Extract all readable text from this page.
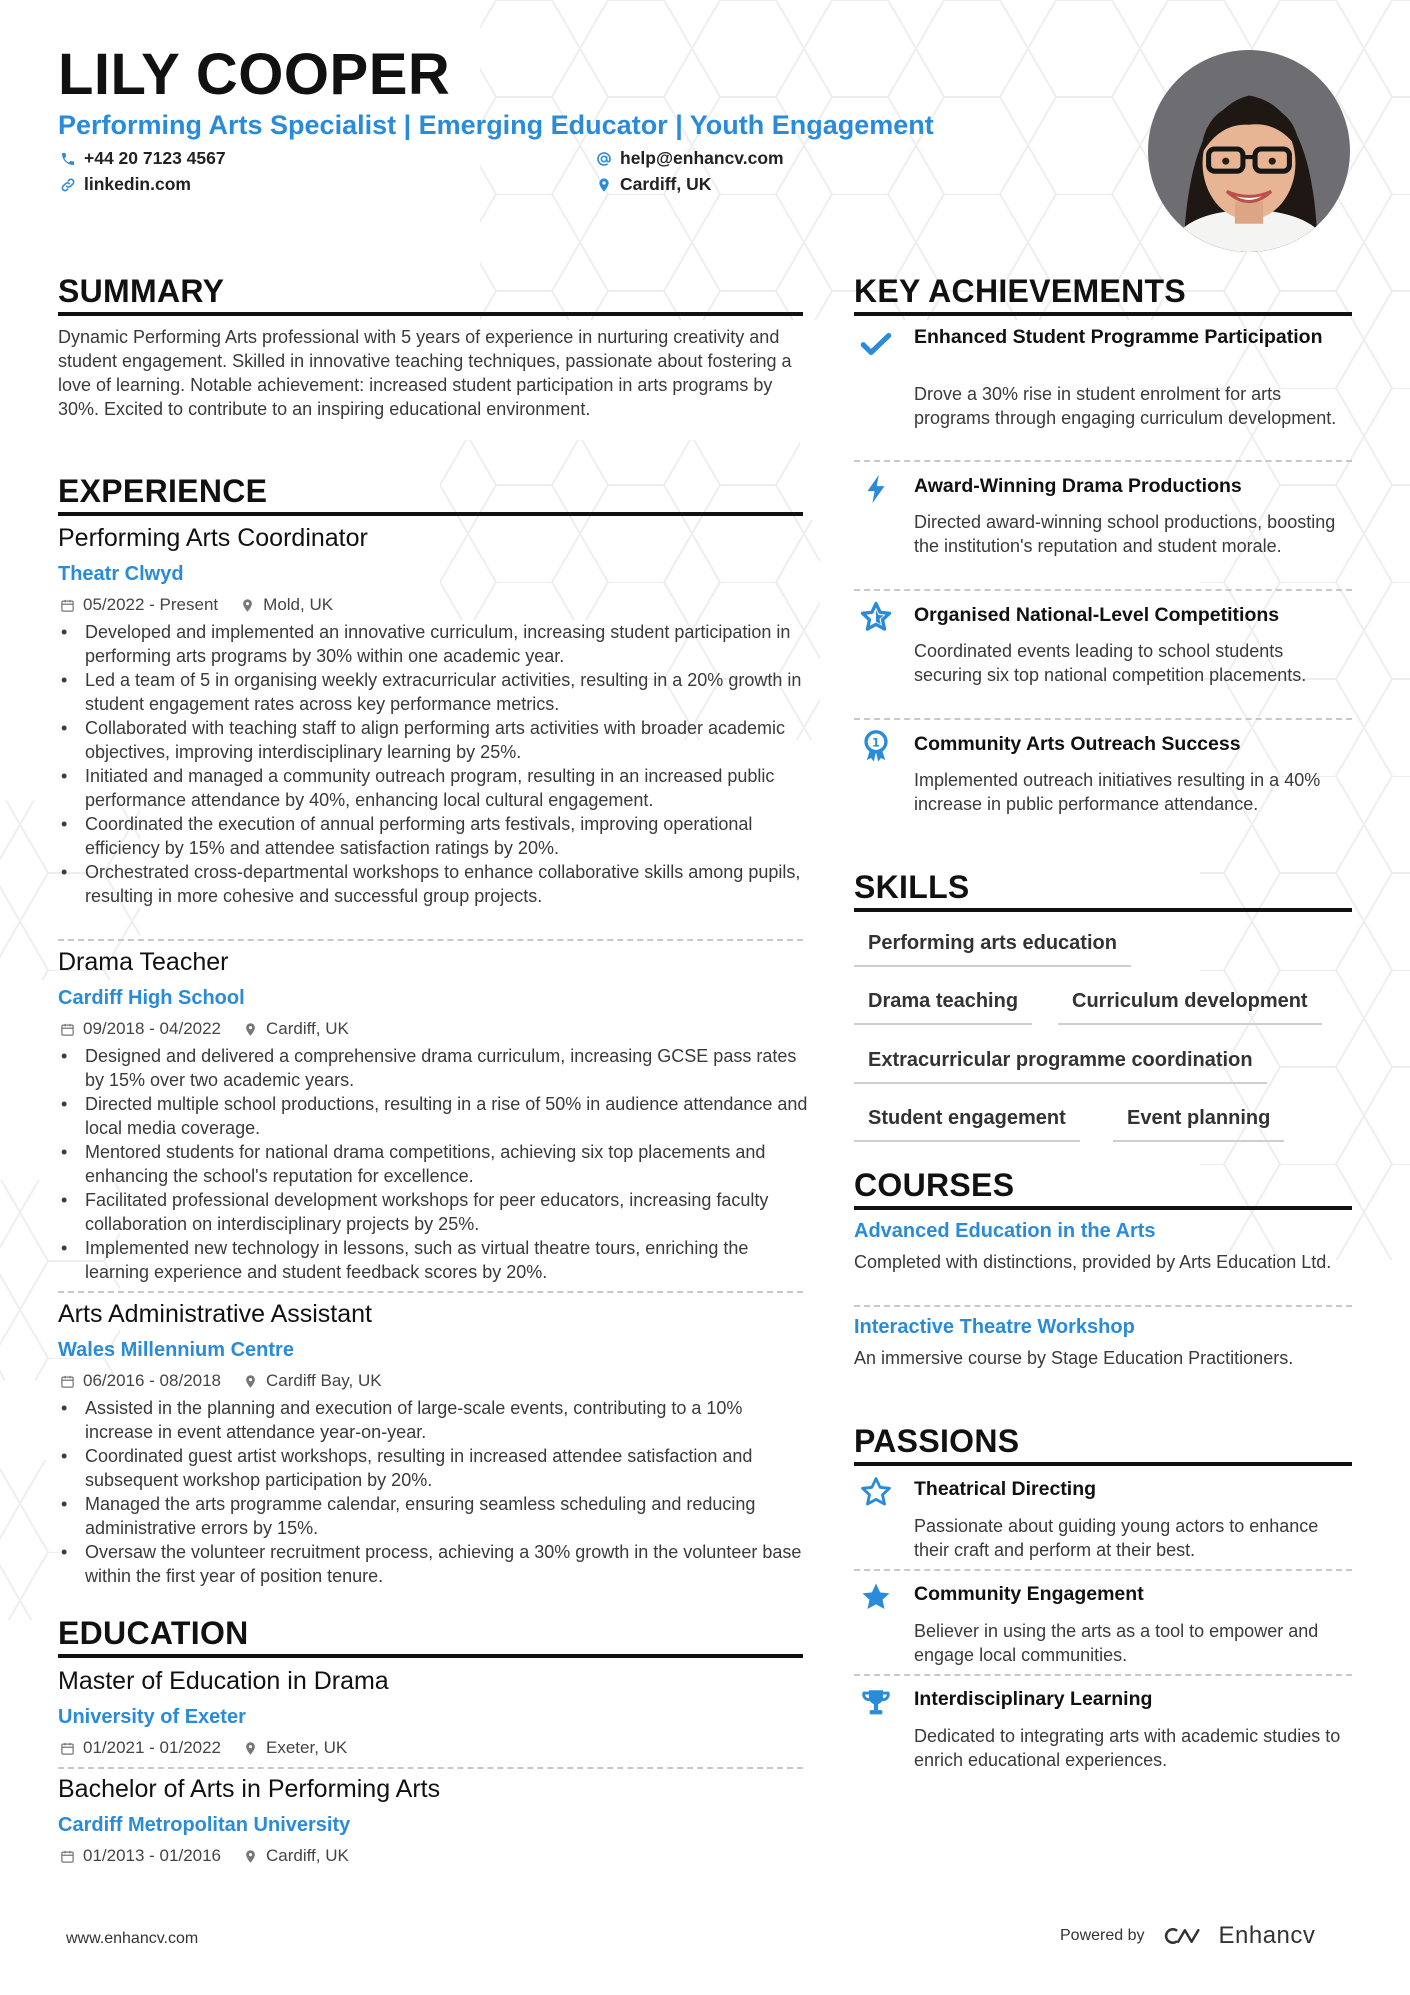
LILY COOPER
Performing Arts Specialist | Emerging Educator | Youth Engagement
+44 20 7123 4567	help@enhancv.com
linkedin.com	Cardiff, UK
SUMMARY
Dynamic Performing Arts professional with 5 years of experience in nurturing creativity and student engagement. Skilled in innovative teaching techniques, passionate about fostering a love of learning. Notable achievement: increased student participation in arts programs by 30%. Excited to contribute to an inspiring educational environment.
EXPERIENCE
Performing Arts Coordinator
Theatr Clwyd
05/2022 - Present	Mold, UK
• Developed and implemented an innovative curriculum, increasing student participation in performing arts programs by 30% within one academic year.
• Led a team of 5 in organising weekly extracurricular activities, resulting in a 20% growth in student engagement rates across key performance metrics.
• Collaborated with teaching staff to align performing arts activities with broader academic objectives, improving interdisciplinary learning by 25%.
• Initiated and managed a community outreach program, resulting in an increased public performance attendance by 40%, enhancing local cultural engagement.
• Coordinated the execution of annual performing arts festivals, improving operational efficiency by 15% and attendee satisfaction ratings by 20%.
• Orchestrated cross-departmental workshops to enhance collaborative skills among pupils, resulting in more cohesive and successful group projects.
Drama Teacher
Cardiff High School
09/2018 - 04/2022	Cardiff, UK
• Designed and delivered a comprehensive drama curriculum, increasing GCSE pass rates by 15% over two academic years.
• Directed multiple school productions, resulting in a rise of 50% in audience attendance and local media coverage.
• Mentored students for national drama competitions, achieving six top placements and enhancing the school's reputation for excellence.
• Facilitated professional development workshops for peer educators, increasing faculty collaboration on interdisciplinary projects by 25%.
• Implemented new technology in lessons, such as virtual theatre tours, enriching the learning experience and student feedback scores by 20%.
Arts Administrative Assistant
Wales Millennium Centre
06/2016 - 08/2018	Cardiff Bay, UK
• Assisted in the planning and execution of large-scale events, contributing to a 10% increase in event attendance year-on-year.
• Coordinated guest artist workshops, resulting in increased attendee satisfaction and subsequent workshop participation by 20%.
• Managed the arts programme calendar, ensuring seamless scheduling and reducing administrative errors by 15%.
• Oversaw the volunteer recruitment process, achieving a 30% growth in the volunteer base within the first year of position tenure.
EDUCATION
Master of Education in Drama
University of Exeter
01/2021 - 01/2022	Exeter, UK
Bachelor of Arts in Performing Arts
Cardiff Metropolitan University
01/2013 - 01/2016	Cardiff, UK
KEY ACHIEVEMENTS
Enhanced Student Programme Participation
Drove a 30% rise in student enrolment for arts programs through engaging curriculum development.
Award-Winning Drama Productions
Directed award-winning school productions, boosting the institution's reputation and student morale.
Organised National-Level Competitions
Coordinated events leading to school students securing six top national competition placements.
1 Community Arts Outreach Success
Implemented outreach initiatives resulting in a 40% increase in public performance attendance.
SKILLS
Performing arts education
Drama teaching	Curriculum development
Extracurricular programme coordination
Student engagement	Event planning
COURSES
Advanced Education in the Arts
Completed with distinctions, provided by Arts Education Ltd.
Interactive Theatre Workshop
An immersive course by Stage Education Practitioners.
PASSIONS
Theatrical Directing
Passionate about guiding young actors to enhance their craft and perform at their best.
Community Engagement
Believer in using the arts as a tool to empower and engage local communities.
Interdisciplinary Learning
Dedicated to integrating arts with academic studies to enrich educational experiences.
www.enhancv.com	Powered by	Enhancv
